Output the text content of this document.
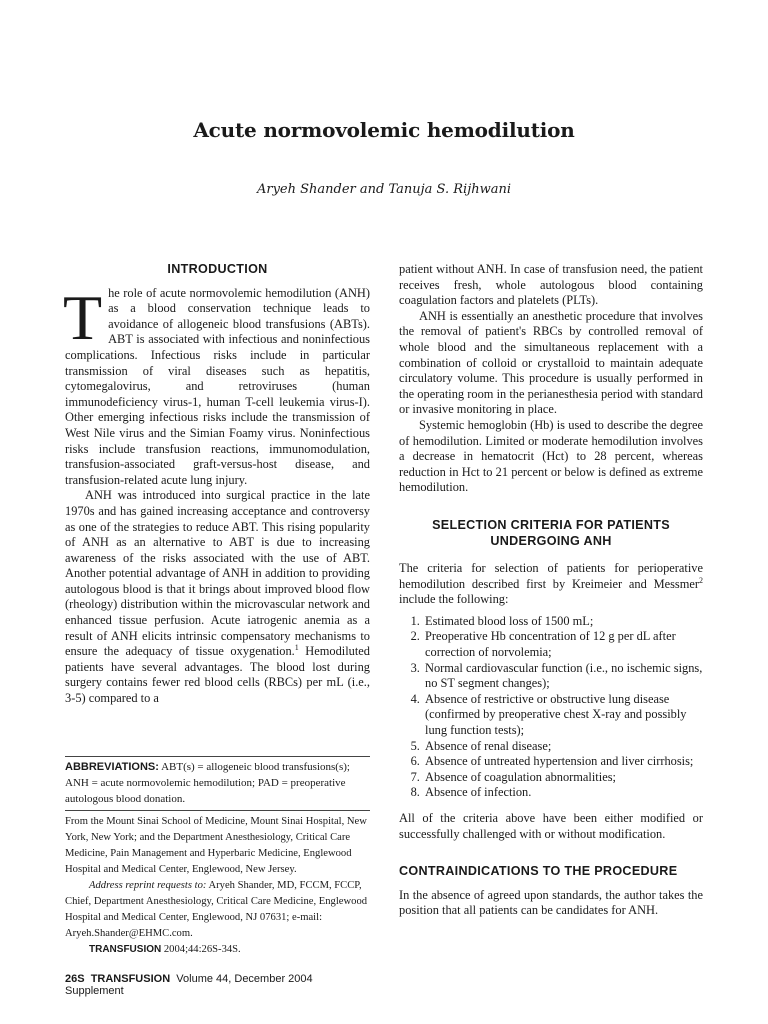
Acute normovolemic hemodilution
Aryeh Shander and Tanuja S. Rijhwani
INTRODUCTION

The role of acute normovolemic hemodilution (ANH) as a blood conservation technique leads to avoidance of allogeneic blood transfusions (ABTs). ABT is associated with infectious and noninfectious complications. Infectious risks include in particular transmission of viral diseases such as hepatitis, cytomegalovirus, and retroviruses (human immunodeficiency virus-1, human T-cell leukemia virus-I). Other emerging infectious risks include the transmission of West Nile virus and the Simian Foamy virus. Noninfectious risks include transfusion reactions, immunomodulation, transfusion-associated graft-versus-host disease, and transfusion-related acute lung injury.

ANH was introduced into surgical practice in the late 1970s and has gained increasing acceptance and controversy as one of the strategies to reduce ABT. This rising popularity of ANH as an alternative to ABT is due to increasing awareness of the risks associated with the use of ABT. Another potential advantage of ANH in addition to providing autologous blood is that it brings about improved blood flow (rheology) distribution within the microvascular network and enhanced tissue perfusion. Acute iatrogenic anemia as a result of ANH elicits intrinsic compensatory mechanisms to ensure the adequacy of tissue oxygenation.$^1$ Hemodiluted patients have several advantages. The blood lost during surgery contains fewer red blood cells (RBCs) per mL (i.e., 3-5) compared to a

ABBREVIATIONS: ABT(s) = allogeneic blood transfusions(s); ANH = acute normovolemic hemodilution; PAD = preoperative autologous blood donation.

From the Mount Sinai School of Medicine, Mount Sinai Hospital, New York, New York; and the Department Anesthesiology, Critical Care Medicine, Pain Management and Hyperbaric Medicine, Englewood Hospital and Medical Center, Englewood, New Jersey.

Address reprint requests to: Aryeh Shander, MD, FCCM, FCCP, Chief, Department Anesthesiology, Critical Care Medicine, Englewood Hospital and Medical Center, Englewood, NJ 07631; e-mail: Aryeh.Shander@EHMC.com.

TRANSFUSION 2004;44:26S-34S.

26S TRANSFUSION Volume 44, December 2004 Supplement

patient without ANH. In case of transfusion need, the patient receives fresh, whole autologous blood containing coagulation factors and platelets (PLTs).

ANH is essentially an anesthetic procedure that involves the removal of patient's RBCs by controlled removal of whole blood and the simultaneous replacement with a combination of colloid or crystalloid to maintain adequate circulatory volume. This procedure is usually performed in the operating room in the perianesthesia period with standard or invasive monitoring in place.

Systemic hemoglobin (Hb) is used to describe the degree of hemodilution. Limited or moderate hemodilution involves a decrease in hematocrit (Hct) to 28 percent, whereas reduction in Hct to 21 percent or below is defined as extreme hemodilution.

SELECTION CRITERIA FOR PATIENTS
UNDERGOING ANH

The criteria for selection of patients for perioperative hemodilution described first by Kreimeier and Messmer$^2$ include the following:

1. Estimated blood loss of 1500 mL;
2. Preoperative Hb concentration of 12 g per dL after correction of norvolemia;
3. Normal cardiovascular function (i.e., no ischemic signs, no ST segment changes);
4. Absence of restrictive or obstructive lung disease (confirmed by preoperative chest X-ray and possibly lung function tests);
5. Absence of renal disease;
6. Absence of untreated hypertension and liver cirrhosis;
7. Absence of coagulation abnormalities;
8. Absence of infection.

All of the criteria above have been either modified or successfully challenged with or without modification.

CONTRAINDICATIONS TO THE PROCEDURE

In the absence of agreed upon standards, the author takes the position that all patients can be candidates for ANH.
